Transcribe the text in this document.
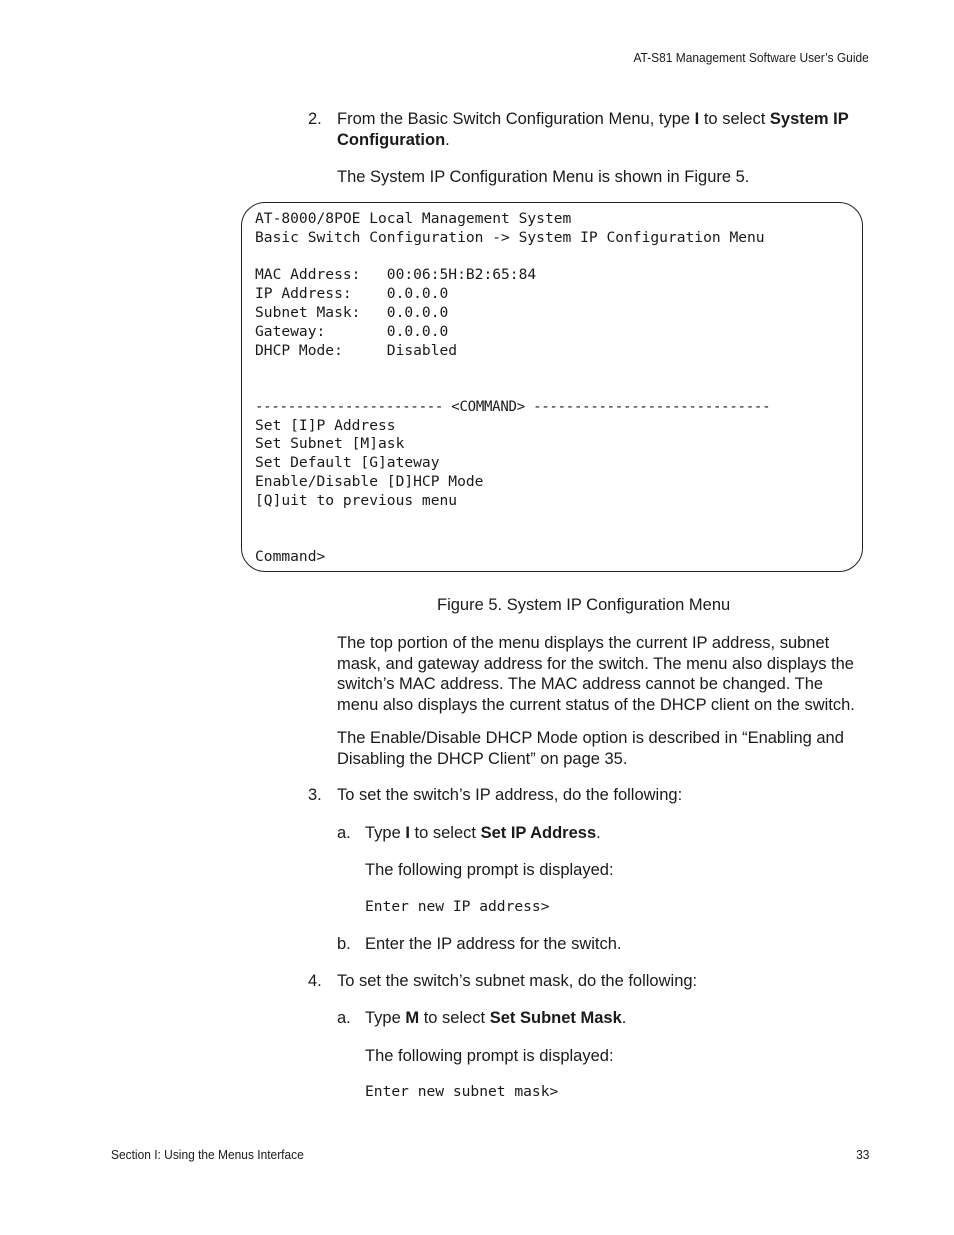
AT-S81 Management Software User’s Guide
2. From the Basic Switch Configuration Menu, type I to select System IP
Configuration.
The System IP Configuration Menu is shown in Figure 5.
AT-8000/8POE Local Management System
Basic Switch Configuration -> System IP Configuration Menu
MAC Address:   00:06:5H:B2:65:84
IP Address:    0.0.0.0
Subnet Mask:   0.0.0.0
Gateway:       0.0.0.0
DHCP Mode:     Disabled
----------------------- <COMMAND> -----------------------------
Set [I]P Address
Set Subnet [M]ask
Set Default [G]ateway
Enable/Disable [D]HCP Mode
[Q]uit to previous menu
Command>
Figure 5. System IP Configuration Menu
The top portion of the menu displays the current IP address, subnet
mask, and gateway address for the switch. The menu also displays the
switch’s MAC address. The MAC address cannot be changed. The
menu also displays the current status of the DHCP client on the switch.
The Enable/Disable DHCP Mode option is described in “Enabling and
Disabling the DHCP Client” on page 35.
3. To set the switch’s IP address, do the following:
a. Type I to select Set IP Address.
The following prompt is displayed:
Enter new IP address>
b. Enter the IP address for the switch.
4. To set the switch’s subnet mask, do the following:
a. Type M to select Set Subnet Mask.
The following prompt is displayed:
Enter new subnet mask>
Section I: Using the Menus Interface	33
